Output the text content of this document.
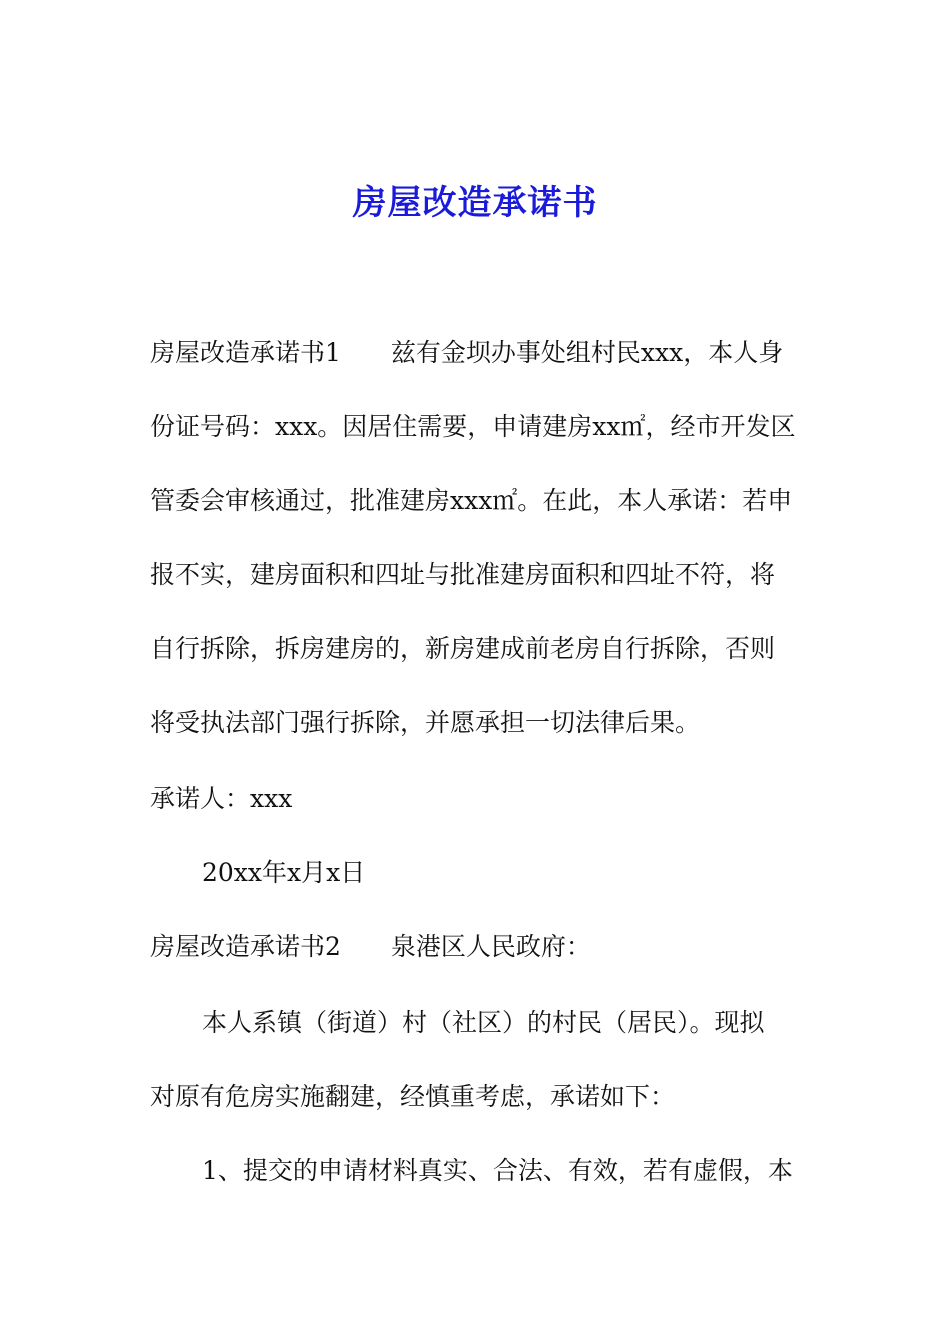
房屋改造承诺书
房屋改造承诺书1　　兹有金坝办事处组村民xxx，本人身
份证号码：xxx。因居住需要，申请建房xx㎡，经市开发区
管委会审核通过，批准建房xxx㎡。在此，本人承诺：若申
报不实，建房面积和四址与批准建房面积和四址不符，将
自行拆除，拆房建房的，新房建成前老房自行拆除，否则
将受执法部门强行拆除，并愿承担一切法律后果。
承诺人：xxx
20xx年x月x日
房屋改造承诺书2　　泉港区人民政府：
本人系镇（街道）村（社区）的村民（居民）。现拟
对原有危房实施翻建，经慎重考虑，承诺如下：
1、提交的申请材料真实、合法、有效，若有虚假，本
